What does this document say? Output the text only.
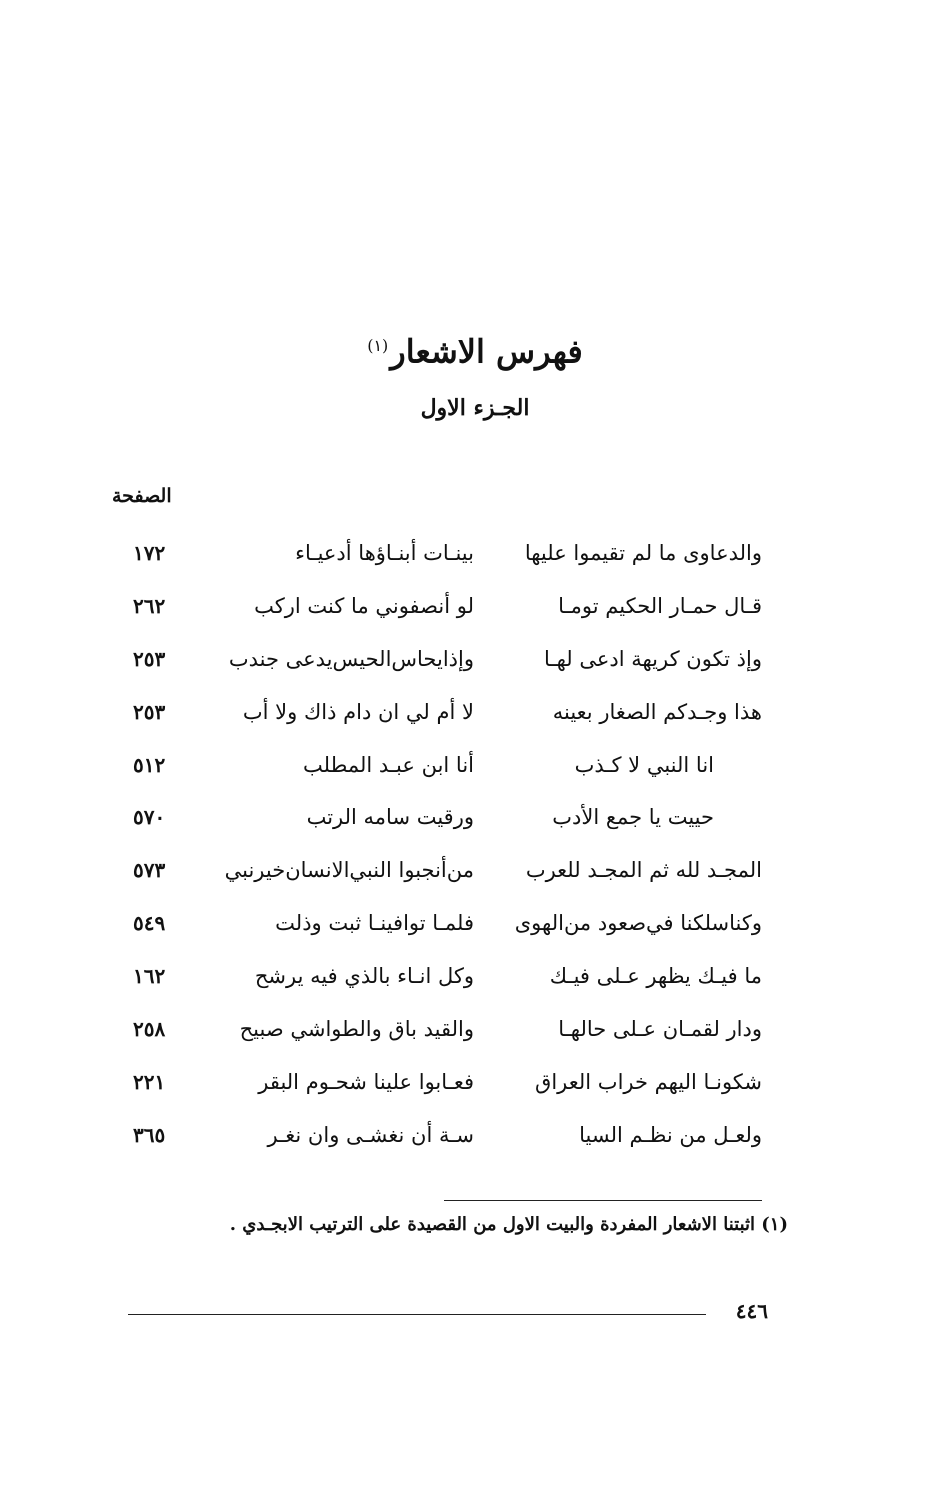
فهرس الاشعار$^{(١)}$
الجـزء الاول
الصفحة
والدعاوى ما لم تقيموا عليها
بينـات أبنـاؤها أدعيـاء
١٧٢
قـال حمـار الحكيم تومـا
لو أنصفوني ما كنت اركب
٢٦٢
وإذ تكون كريهة ادعى لهـا
وإذايحاس‌الحيس‌يدعى جندب
٢٥٣
هذا وجـدكم الصغار بعينه
لا أم لي ان دام ذاك ولا أب
٢٥٣
انا النبي لا كـذب
أنا ابن عبـد المطلب
٥١٢
حييت يا جمع الأدب
ورقيت سامه الرتب
٥٧٠
المجـد لله ثم المجـد للعرب
من‌أنجبوا النبي‌الانسان‌خيرنبي
٥٧٣
وكناسلكنا في‌صعود من‌الهوى
فلمـا توافينـا ثبت وذلت
٥٤٩
ما فيـك يظهر عـلى فيـك
وكل انـاء بالذي فيه يرشح
١٦٢
ودار لقمـان عـلى حالهـا
والقيد باق والطواشي صبيح
٢٥٨
شكونـا اليهم خراب العراق
فعـابوا علينا شحـوم البقر
٢٢١
ولعـل من نظـم السيا
سـة أن نغشـى وان نغـر
٣٦٥
(١) اثبتنا الاشعار المفردة والبيت الاول من القصيدة على الترتيب الابجـدي .
٤٤٦
